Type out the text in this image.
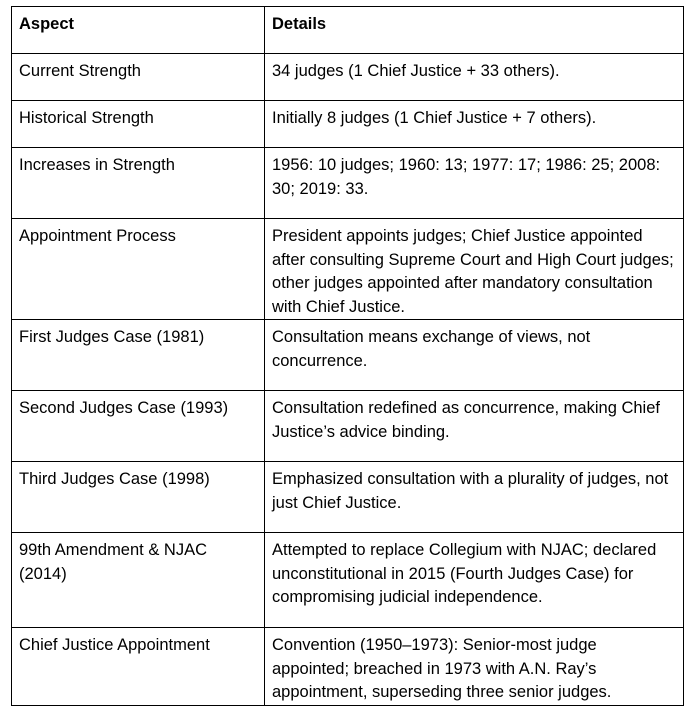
Aspect	Details
Current Strength	34 judges (1 Chief Justice + 33 others).
Historical Strength	Initially 8 judges (1 Chief Justice + 7 others).
Increases in Strength	1956: 10 judges; 1960: 13; 1977: 17; 1986: 25; 2008: 30; 2019: 33.
Appointment Process	President appoints judges; Chief Justice appointed after consulting Supreme Court and High Court judges; other judges appointed after mandatory consultation with Chief Justice.
First Judges Case (1981)	Consultation means exchange of views, not concurrence.
Second Judges Case (1993)	Consultation redefined as concurrence, making Chief Justice’s advice binding.
Third Judges Case (1998)	Emphasized consultation with a plurality of judges, not just Chief Justice.
99th Amendment & NJAC (2014)	Attempted to replace Collegium with NJAC; declared unconstitutional in 2015 (Fourth Judges Case) for compromising judicial independence.
Chief Justice Appointment	Convention (1950–1973): Senior-most judge appointed; breached in 1973 with A.N. Ray’s appointment, superseding three senior judges.
